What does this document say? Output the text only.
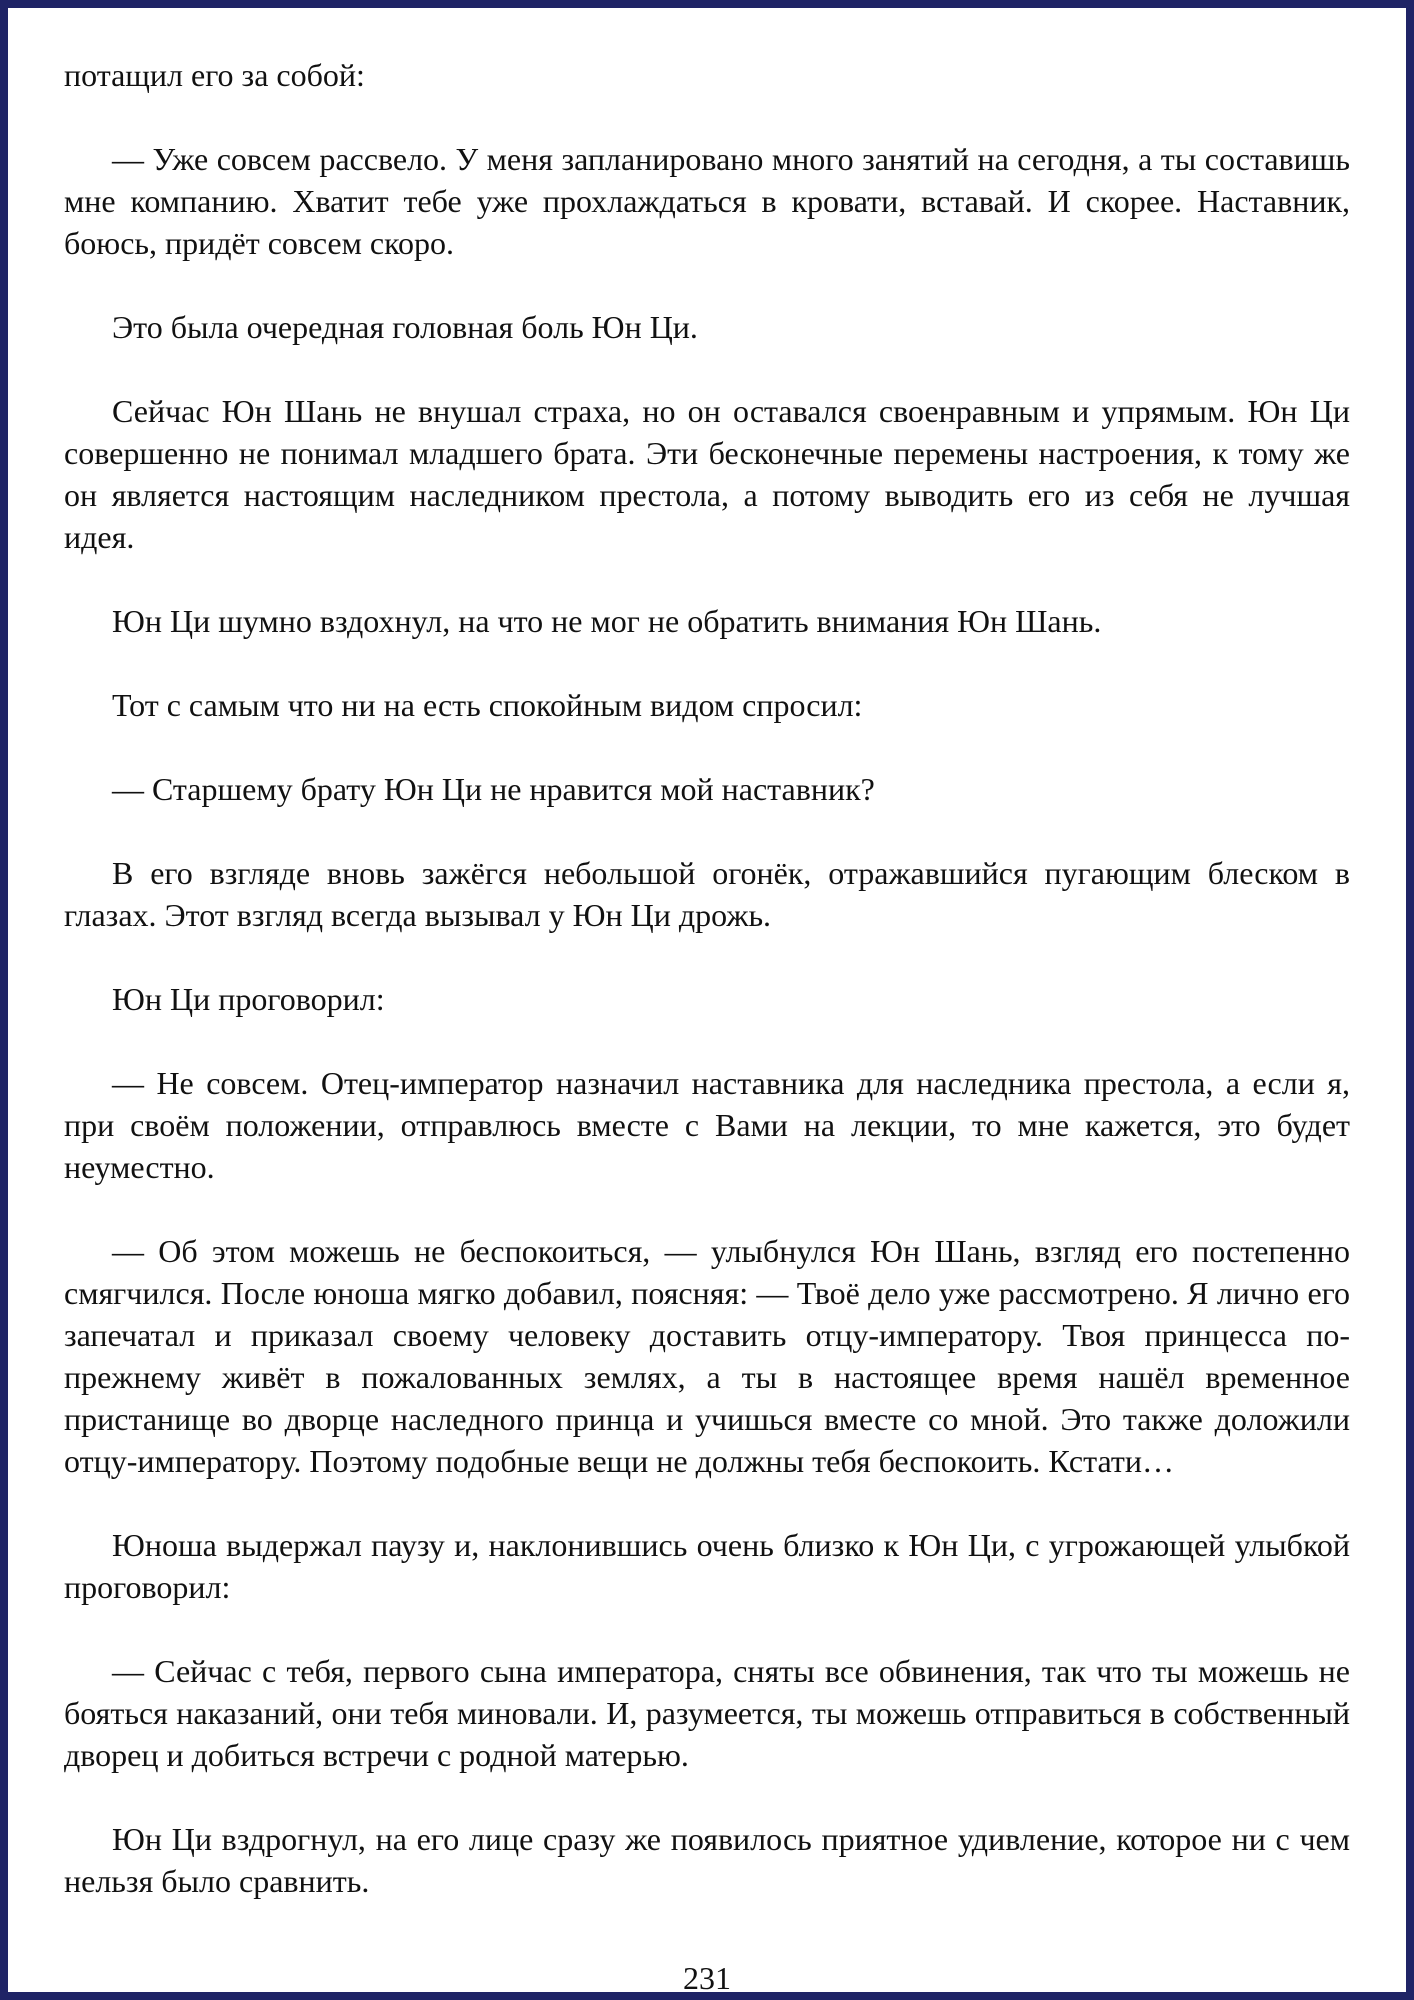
потащил его за собой:

— Уже совсем рассвело. У меня запланировано много занятий на сегодня, а ты составишь мне компанию. Хватит тебе уже прохлаждаться в кровати, вставай. И скорее. Наставник, боюсь, придёт совсем скоро.

Это была очередная головная боль Юн Ци.

Сейчас Юн Шань не внушал страха, но он оставался своенравным и упрямым. Юн Ци совершенно не понимал младшего брата. Эти бесконечные перемены настроения, к тому же он является настоящим наследником престола, а потому выводить его из себя не лучшая идея.

Юн Ци шумно вздохнул, на что не мог не обратить внимания Юн Шань.

Тот с самым что ни на есть спокойным видом спросил:

— Старшему брату Юн Ци не нравится мой наставник?

В его взгляде вновь зажёгся небольшой огонёк, отражавшийся пугающим блеском в глазах. Этот взгляд всегда вызывал у Юн Ци дрожь.

Юн Ци проговорил:

— Не совсем. Отец-император назначил наставника для наследника престола, а если я, при своём положении, отправлюсь вместе с Вами на лекции, то мне кажется, это будет неуместно.

— Об этом можешь не беспокоиться, — улыбнулся Юн Шань, взгляд его постепенно смягчился. После юноша мягко добавил, поясняя: — Твоё дело уже рассмотрено. Я лично его запечатал и приказал своему человеку доставить отцу-императору. Твоя принцесса по-прежнему живёт в пожалованных землях, а ты в настоящее время нашёл временное пристанище во дворце наследного принца и учишься вместе со мной. Это также доложили отцу-императору. Поэтому подобные вещи не должны тебя беспокоить. Кстати…

Юноша выдержал паузу и, наклонившись очень близко к Юн Ци, с угрожающей улыбкой проговорил:

— Сейчас с тебя, первого сына императора, сняты все обвинения, так что ты можешь не бояться наказаний, они тебя миновали. И, разумеется, ты можешь отправиться в собственный дворец и добиться встречи с родной матерью.

Юн Ци вздрогнул, на его лице сразу же появилось приятное удивление, которое ни с чем нельзя было сравнить.

231
